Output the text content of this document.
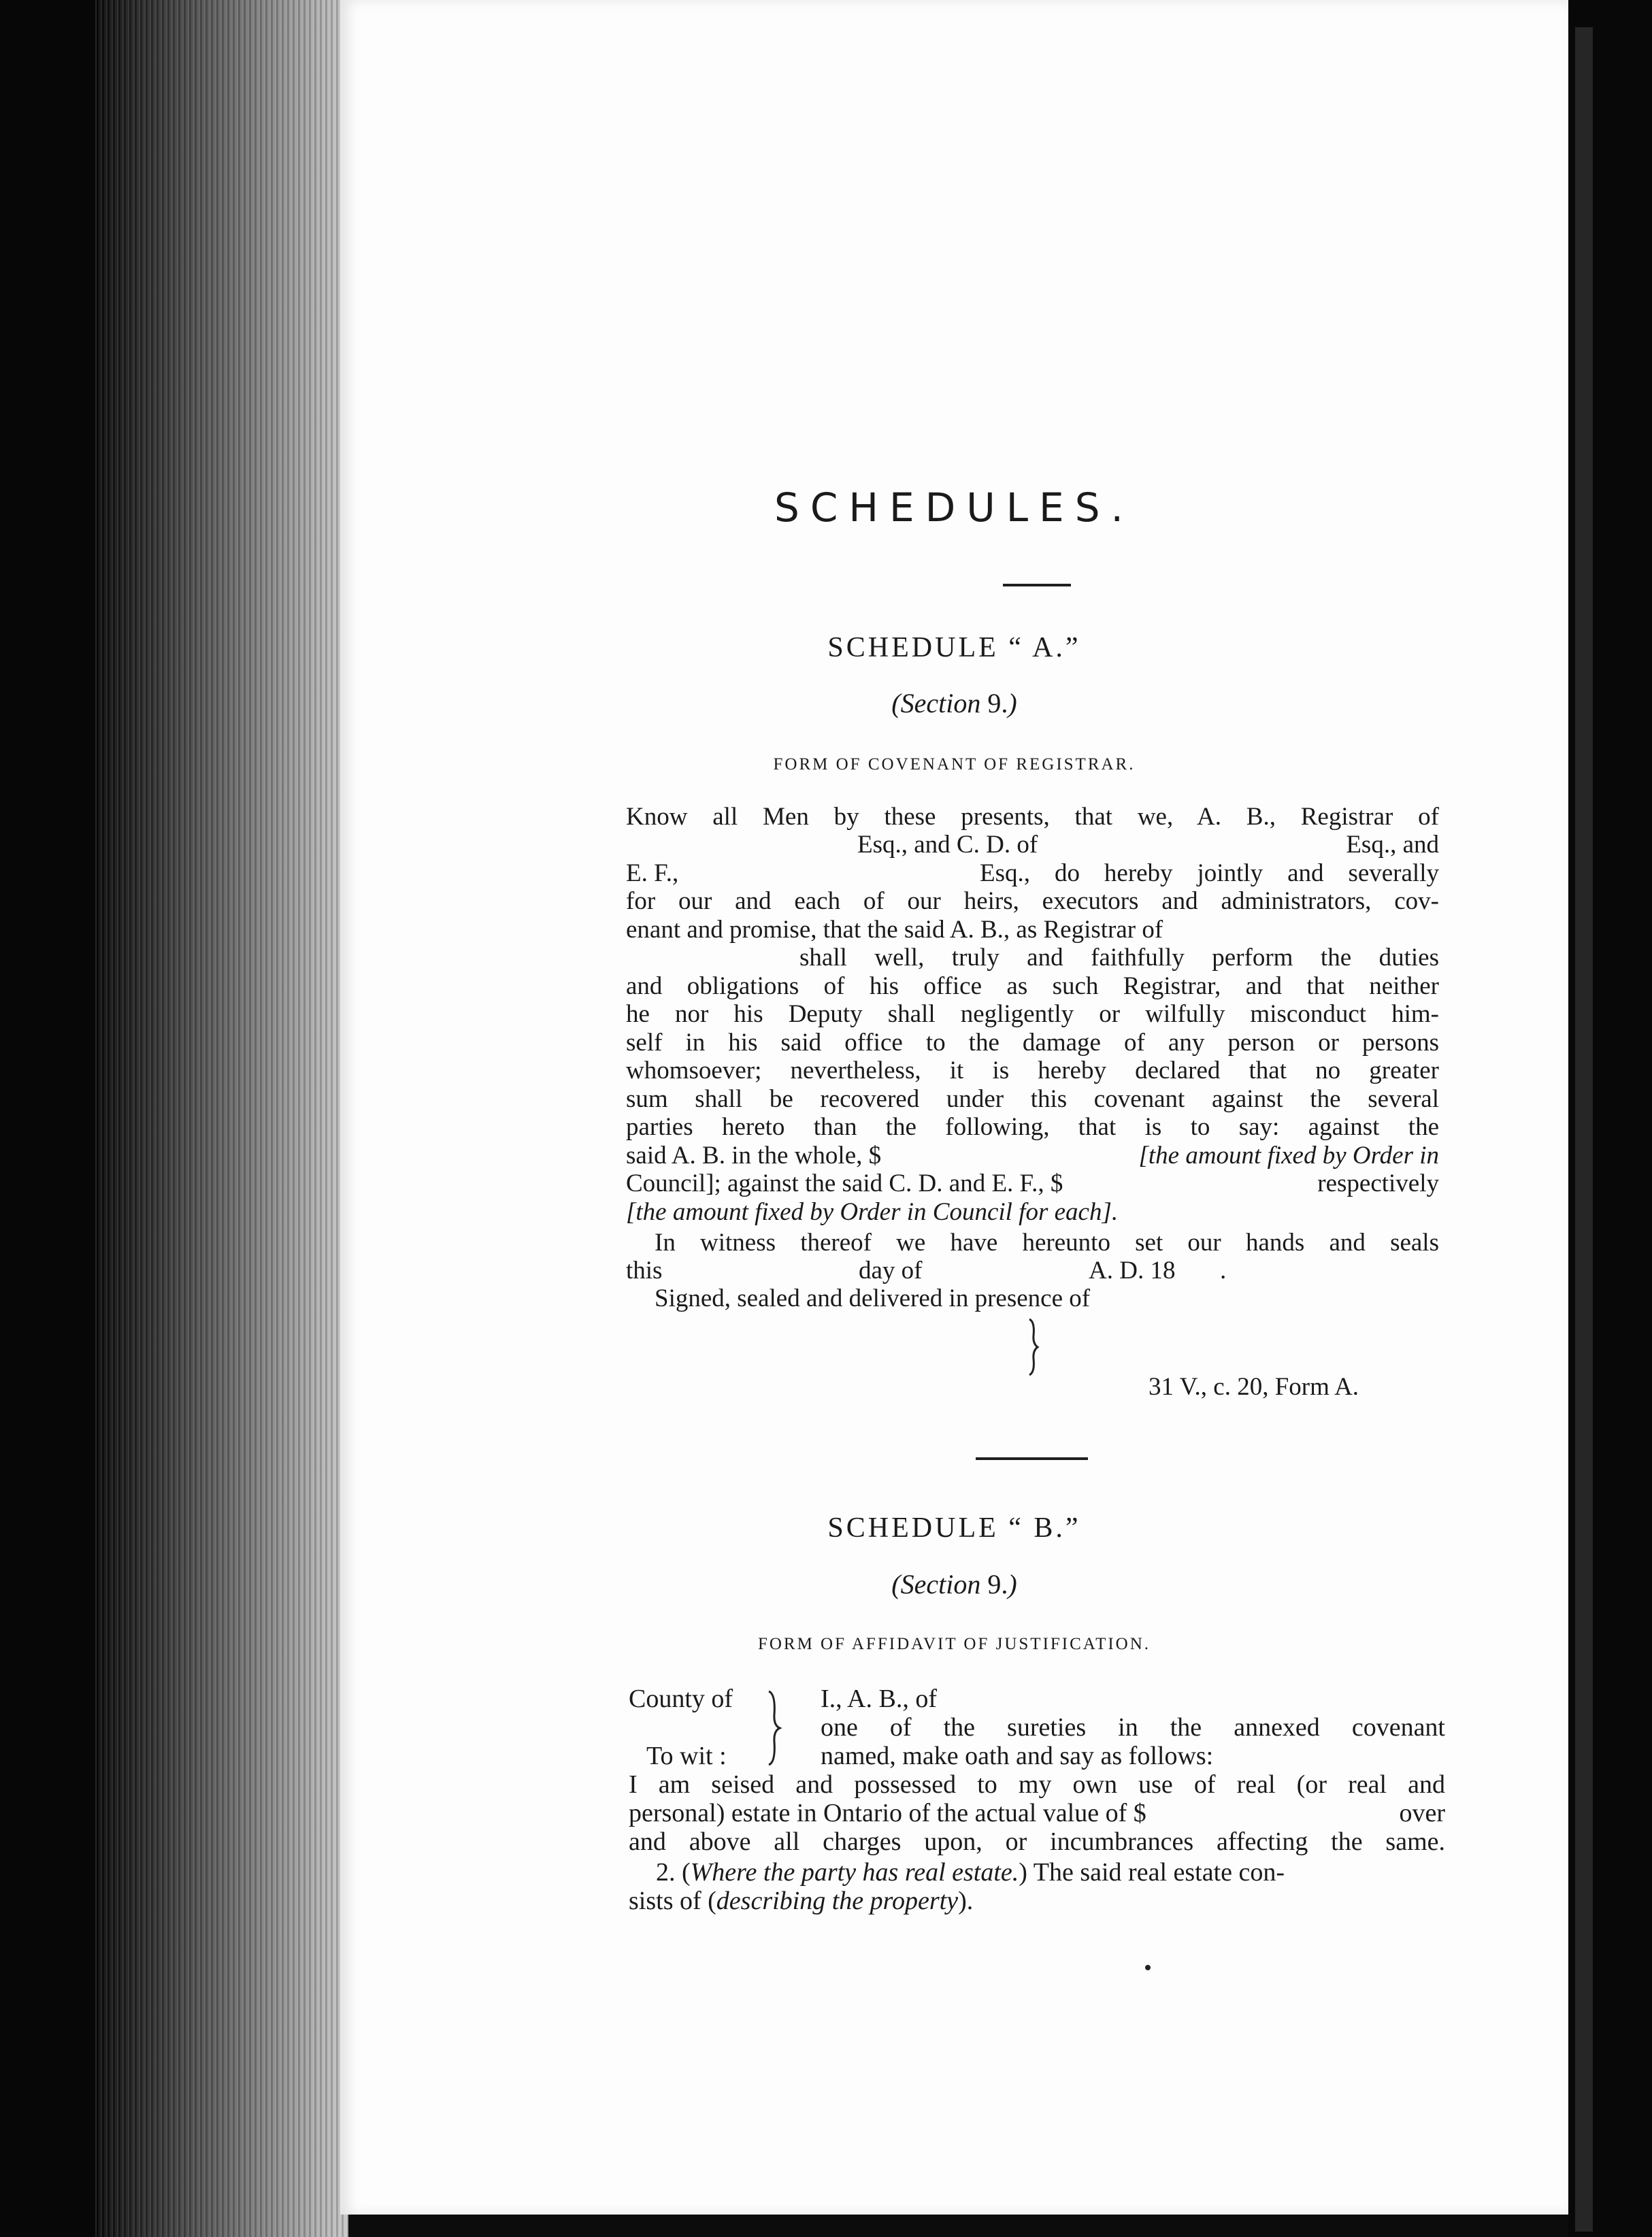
SCHEDULES.
SCHEDULE “ A.”
(Section 9.)
FORM OF COVENANT OF REGISTRAR.
Know all Men by these presents, that we, A. B., Registrar of
Esq., and C. D. of	Esq., and
E. F.,	Esq., do hereby jointly and severally
for our and each of our heirs, executors and administrators, cov-
enant and promise, that the said A. B., as Registrar of
shall well, truly and faithfully perform the duties
and obligations of his office as such Registrar, and that neither
he nor his Deputy shall negligently or wilfully misconduct him-
self in his said office to the damage of any person or persons
whomsoever; nevertheless, it is hereby declared that no greater
sum shall be recovered under this covenant against the several
parties hereto than the following, that is to say: against the
said A. B. in the whole, $	[the amount fixed by Order in
Council]; against the said C. D. and E. F., $	respectively
[the amount fixed by Order in Council for each].
In witness thereof we have hereunto set our hands and seals
this	day of	A. D. 18 .
Signed, sealed and delivered in presence of
31 V., c. 20, Form A.
SCHEDULE “ B.”
(Section 9.)
FORM OF AFFIDAVIT OF JUSTIFICATION.
County of
To wit :
I., A. B., of
one of the sureties in the annexed covenant
named, make oath and say as follows:
I am seised and possessed to my own use of real (or real and
personal) estate in Ontario of the actual value of $	over
and above all charges upon, or incumbrances affecting the same.
2. (Where the party has real estate.) The said real estate con-
sists of (describing the property).
